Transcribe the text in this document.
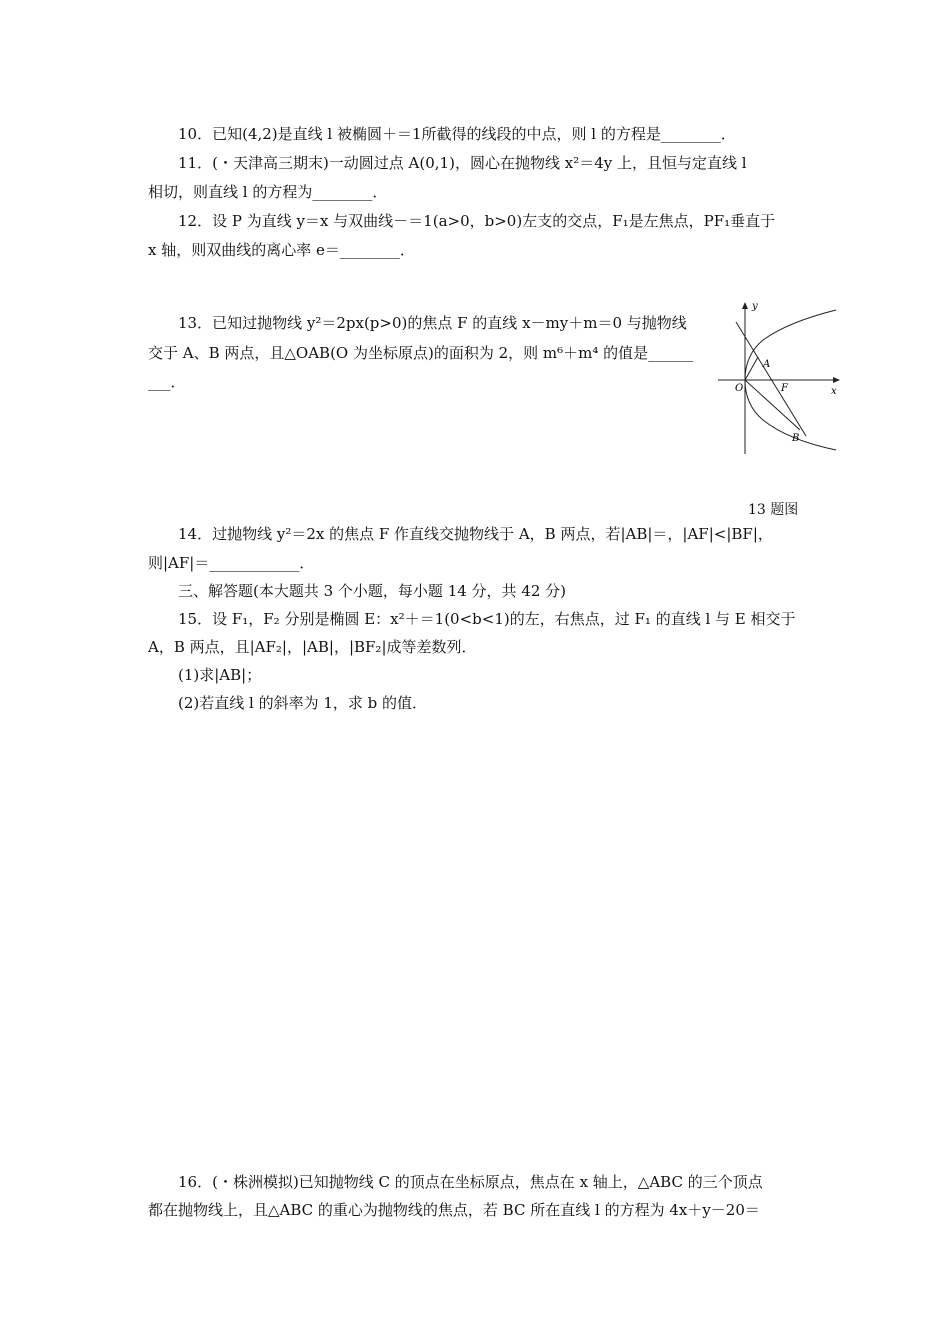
10．已知(4,2)是直线 l 被椭圆＋＝1所截得的线段的中点，则 l 的方程是________．
11．(・天津高三期末)一动圆过点 A(0,1)，圆心在抛物线 x²＝4y 上，且恒与定直线 l
相切，则直线 l 的方程为________．
12．设 P 为直线 y＝x 与双曲线－＝1(a>0，b>0)左支的交点，F₁是左焦点，PF₁垂直于
x 轴，则双曲线的离心率 e＝________．
13．已知过抛物线 y²＝2px(p>0)的焦点 F 的直线 x－my＋m＝0 与抛物线
交于 A、B 两点，且△OAB(O 为坐标原点)的面积为 2，则 m⁶＋m⁴ 的值是______
___．
y
x
O
A
F
B
13 题图
14．过抛物线 y²＝2x 的焦点 F 作直线交抛物线于 A，B 两点，若|AB|＝，|AF|<|BF|，
则|AF|＝____________．
三、解答题(本大题共 3 个小题，每小题 14 分，共 42 分)
15．设 F₁，F₂ 分别是椭圆 E：x²＋＝1(0<b<1)的左，右焦点，过 F₁ 的直线 l 与 E 相交于
A，B 两点，且|AF₂|，|AB|，|BF₂|成等差数列．
(1)求|AB|；
(2)若直线 l 的斜率为 1，求 b 的值．
16．(・株洲模拟)已知抛物线 C 的顶点在坐标原点，焦点在 x 轴上，△ABC 的三个顶点
都在抛物线上，且△ABC 的重心为抛物线的焦点，若 BC 所在直线 l 的方程为 4x＋y－20＝
